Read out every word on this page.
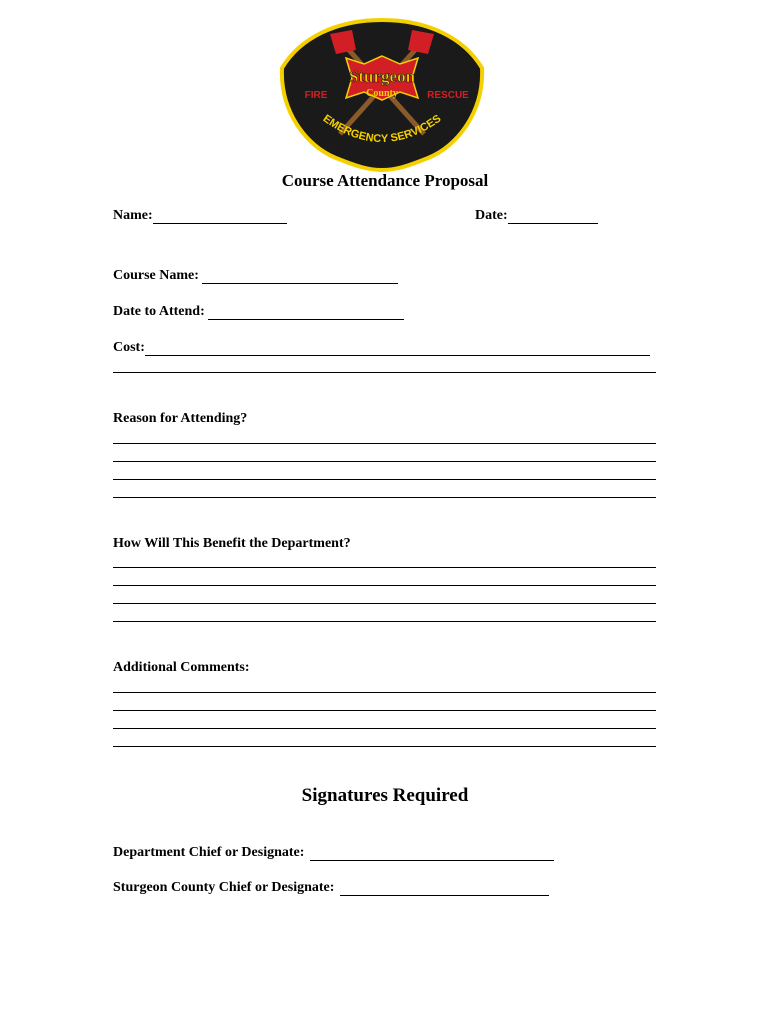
Sturgeon
County
FIRE	RESCUE
EMERGENCY SERVICES
Course Attendance Proposal
Name:	Date:
Course Name:
Date to Attend:
Cost:
Reason for Attending?
How Will This Benefit the Department?
Additional Comments:
Signatures Required
Department Chief or Designate:
Sturgeon County Chief or Designate:
